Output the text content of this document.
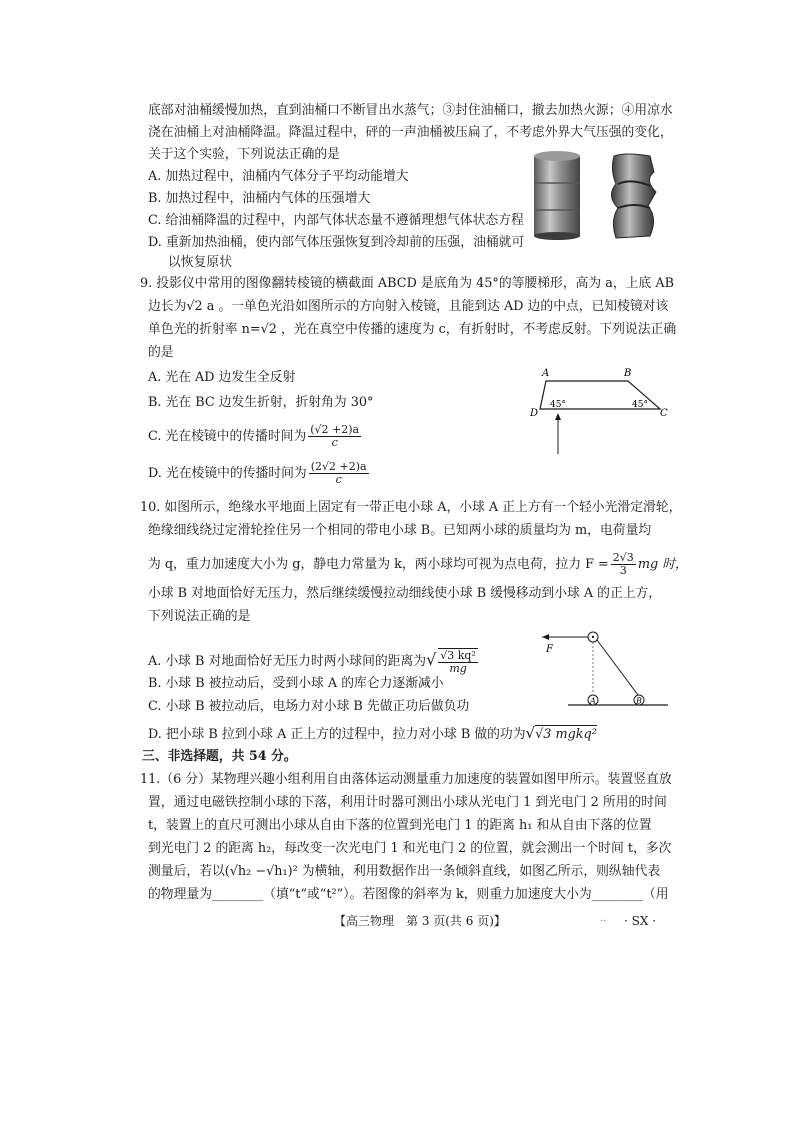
底部对油桶缓慢加热，直到油桶口不断冒出水蒸气；③封住油桶口，撤去加热火源；④用凉水
浇在油桶上对油桶降温。降温过程中，砰的一声油桶被压扁了，不考虑外界大气压强的变化，
关于这个实验，下列说法正确的是
A. 加热过程中，油桶内气体分子平均动能增大
B. 加热过程中，油桶内气体的压强增大
C. 给油桶降温的过程中，内部气体状态量不遵循理想气体状态方程
D. 重新加热油桶，使内部气体压强恢复到冷却前的压强，油桶就可
以恢复原状
9. 投影仪中常用的图像翻转棱镜的横截面 ABCD 是底角为 45°的等腰梯形，高为 a，上底 AB
边长为√2 a 。一单色光沿如图所示的方向射入棱镜，且能到达 AD 边的中点，已知棱镜对该
单色光的折射率 n=√2 ，光在真空中传播的速度为 c，有折射时，不考虑反射。下列说法正确
的是
A. 光在 AD 边发生全反射
B. 光在 BC 边发生折射，折射角为 30°
C. 光在棱镜中的传播时间为 $\frac{(√2 +2)a}{c}$
D. 光在棱镜中的传播时间为 $\frac{(2√2 +2)a}{c}$
A	B
C
D
45°	45°
10. 如图所示，绝缘水平地面上固定有一带正电小球 A，小球 A 正上方有一个轻小光滑定滑轮，
绝缘细线绕过定滑轮拴住另一个相同的带电小球 B。已知两小球的质量均为 m，电荷量均
为 q，重力加速度大小为 g，静电力常量为 k，两小球均可视为点电荷，拉力 $F = \frac{2√3}{3}$ mg 时，
小球 B 对地面恰好无压力，然后继续缓慢拉动细线使小球 B 缓慢移动到小球 A 的正上方，
下列说法正确的是
A. 小球 B 对地面恰好无压力时两小球间的距离为√ $\frac{\text{√3 kq²}}{mg}$
B. 小球 B 被拉动后，受到小球 A 的库仑力逐渐减小
C. 小球 B 被拉动后，电场力对小球 B 先做正功后做负功
D. 把小球 B 拉到小球 A 正上方的过程中，拉力对小球 B 做的功为√√3 mgkq²
F
A	B
三、非选择题，共 54 分。
11.（6 分）某物理兴趣小组利用自由落体运动测量重力加速度的装置如图甲所示。装置竖直放
置，通过电磁铁控制小球的下落，利用计时器可测出小球从光电门 1 到光电门 2 所用的时间
t，装置上的直尺可测出小球从自由下落的位置到光电门 1 的距离 h₁ 和从自由下落的位置
到光电门 2 的距离 h₂，每改变一次光电门 1 和光电门 2 的位置，就会测出一个时间 t，多次
测量后，若以(√h₂ −√h₁)² 为横轴，利用数据作出一条倾斜直线，如图乙所示，则纵轴代表
的物理量为________（填“t”或“t²”）。若图像的斜率为 k，则重力加速度大小为________（用
【高三物理　第 3 页(共 6 页)】	.. · SX ·
